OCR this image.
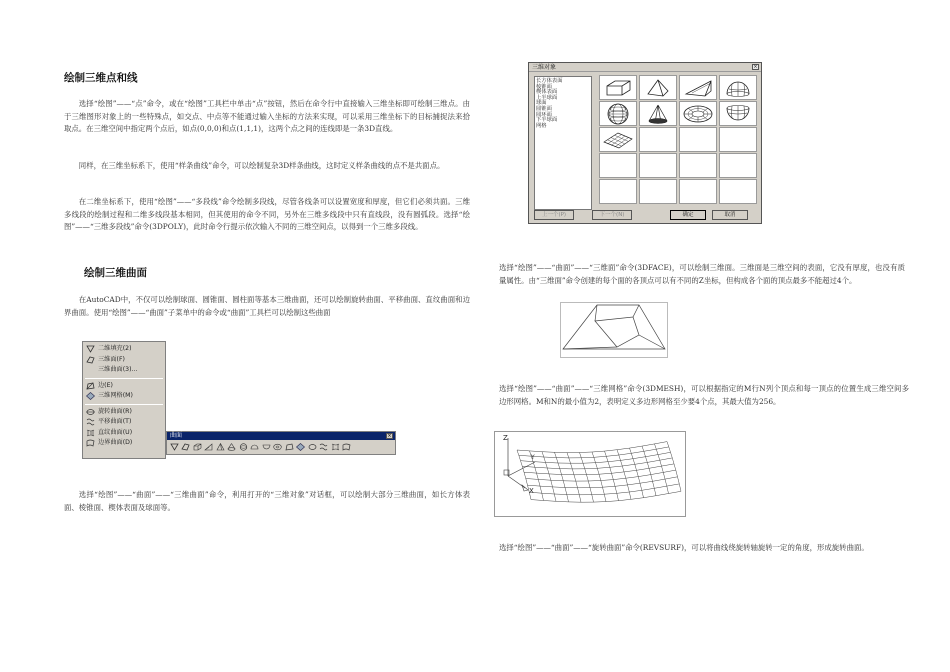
绘制三维点和线
选择“绘图”——“点”命令，或在“绘图”工具栏中单击“点”按钮，然后在命令行中直接输入三维坐标即可绘制三维点。由于三维图形对象上的一些特殊点，如交点、中点等不能通过输入坐标的方法来实现，可以采用三维坐标下的目标捕捉法来拾取点。在三维空间中指定两个点后，如点(0,0,0)和点(1,1,1)，这两个点之间的连线即是一条3D直线。
同样，在三维坐标系下，使用“样条曲线”命令，可以绘制复杂3D样条曲线，这时定义样条曲线的点不是共面点。
在二维坐标系下，使用“绘图”——“多段线”命令绘制多段线，尽管各线条可以设置宽度和厚度，但它们必须共面。三维多线段的绘制过程和二维多线段基本相同，但其使用的命令不同，另外在三维多线段中只有直线段，没有圆弧段。选择“绘图”——“三维多段线”命令(3DPOLY)，此时命令行提示依次输入不同的三维空间点，以得到一个三维多段线。
绘制三维曲面
在AutoCAD中，不仅可以绘制球面、圆锥面、圆柱面等基本三维曲面，还可以绘制旋转曲面、平移曲面、直纹曲面和边界曲面。使用“绘图”——“曲面”子菜单中的命令或“曲面”工具栏可以绘制这些曲面
二维填充(2)
三维面(F)
三维曲面(3)...
边(E)
三维网格(M)
旋转曲面(R)
平移曲面(T)
直纹曲面(U)
边界曲面(D)
曲面	×
选择“绘图”——“曲面”——“三维曲面”命令，利用打开的“三维对象”对话框，可以绘制大部分三维曲面，如长方体表面、棱锥面、楔体表面及球面等。
三维对象	×
长方体表面
棱锥面
楔体表面
上半球面
球面
圆锥面
圆环面
下半球面
网格
上一个(P)	下一个(N)	确定	取消
选择“绘图”——“曲面”——“三维面”命令(3DFACE)，可以绘制三维面。三维面是三维空间的表面，它没有厚度，也没有质量属性。由“三维面”命令创建的每个面的各顶点可以有不同的Z坐标，但构成各个面的顶点最多不能超过4个。
选择“绘图”——“曲面”——“三维网格”命令(3DMESH)，可以根据指定的M行N列个顶点和每一顶点的位置生成三维空间多边形网格。M和N的最小值为2，表明定义多边形网格至少要4个点，其最大值为256。
Z
Y
X
选择“绘图”——“曲面”——“旋转曲面”命令(REVSURF)，可以将曲线绕旋转轴旋转一定的角度，形成旋转曲面。
